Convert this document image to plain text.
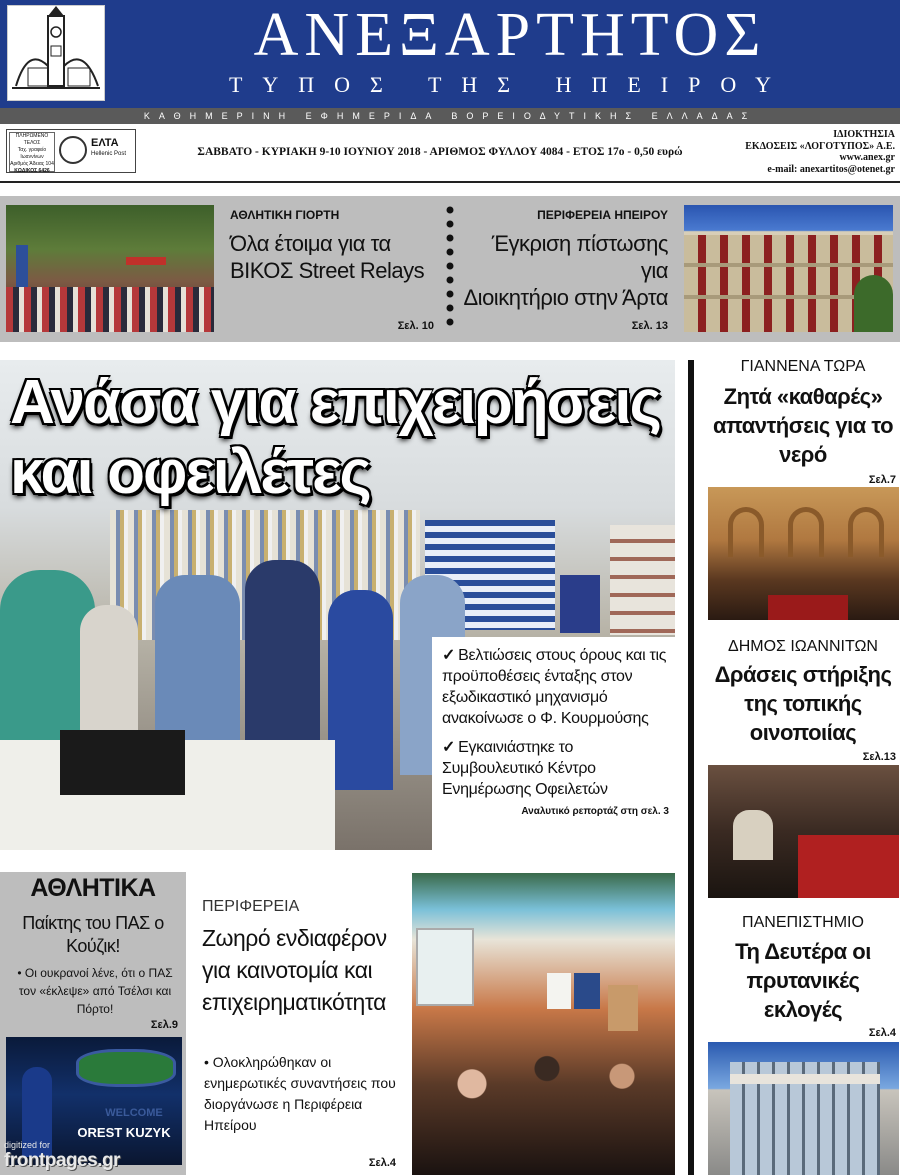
ΑΝΕΞΑΡΤΗΤΟΣ
ΤΥΠΟΣ ΤΗΣ ΗΠΕΙΡΟΥ
ΚΑΘΗΜΕΡΙΝΗ ΕΦΗΜΕΡΙΔΑ ΒΟΡΕΙΟΔΥΤΙΚΗΣ ΕΛΛΑΔΑΣ
ΠΛΗΡΩΜΕΝΟ ΤΕΛΟΣ
Ταχ. γραφείο
Ιωαννίνων
Αριθμός Άδειας 104
ΚΩΔΙΚΟΣ 6426
ΕΛΤΑ
Hellenic Post	ΣΑΒΒΑΤΟ - ΚΥΡΙΑΚΗ 9-10 ΙΟΥΝΙΟΥ 2018 - ΑΡΙΘΜΟΣ ΦΥΛΛΟΥ 4084 - ΕΤΟΣ 17ο - 0,50 ευρώ
ΙΔΙΟΚΤΗΣΙΑ
ΕΚΔΟΣΕΙΣ «ΛΟΓΟΤΥΠΟΣ» Α.Ε.
www.anex.gr
e-mail: anexartitos@otenet.gr
ΑΘΛΗΤΙΚΗ ΓΙΟΡΤΗ
Όλα έτοιμα για τα
ΒΙΚΟΣ Street Relays
Σελ. 10
ΠΕΡΙΦΕΡΕΙΑ ΗΠΕΙΡΟΥ
Έγκριση πίστωσης για
Διοικητήριο στην Άρτα
Σελ. 13
Ανάσα για επιχειρήσεις
και οφειλέτες
✓ Βελτιώσεις στους όρους και τις προϋποθέσεις ένταξης στον εξωδικαστικό μηχανισμό ανακοίνωσε ο Φ. Κουρμούσης
✓ Εγκαινιάστηκε το Συμβουλευτικό Κέντρο Ενημέρωσης Οφειλετών
Αναλυτικό ρεπορτάζ στη σελ. 3
ΓΙΑΝΝΕΝΑ ΤΩΡΑ
Ζητά «καθαρές» απαντήσεις για το νερό
Σελ.7
ΔΗΜΟΣ ΙΩΑΝΝΙΤΩΝ
Δράσεις στήριξης της τοπικής οινοποιίας
Σελ.13
ΠΑΝΕΠΙΣΤΗΜΙΟ
Τη Δευτέρα οι πρυτανικές εκλογές
Σελ.4
ΑΘΛΗΤΙΚΑ
Παίκτης του ΠΑΣ ο Κούζικ!
• Οι ουκρανοί λένε, ότι ο ΠΑΣ τον «έκλεψε» από Τσέλσι και Πόρτο!
Σελ.9
WELCOME
OREST KUZYK
digitized for
frontpages.gr
ΠΕΡΙΦΕΡΕΙΑ
Ζωηρό ενδιαφέρον για καινοτομία και επιχειρηματικότητα
• Ολοκληρώθηκαν οι ενημερωτικές συναντήσεις που διοργάνωσε η Περιφέρεια Ηπείρου
Σελ.4
